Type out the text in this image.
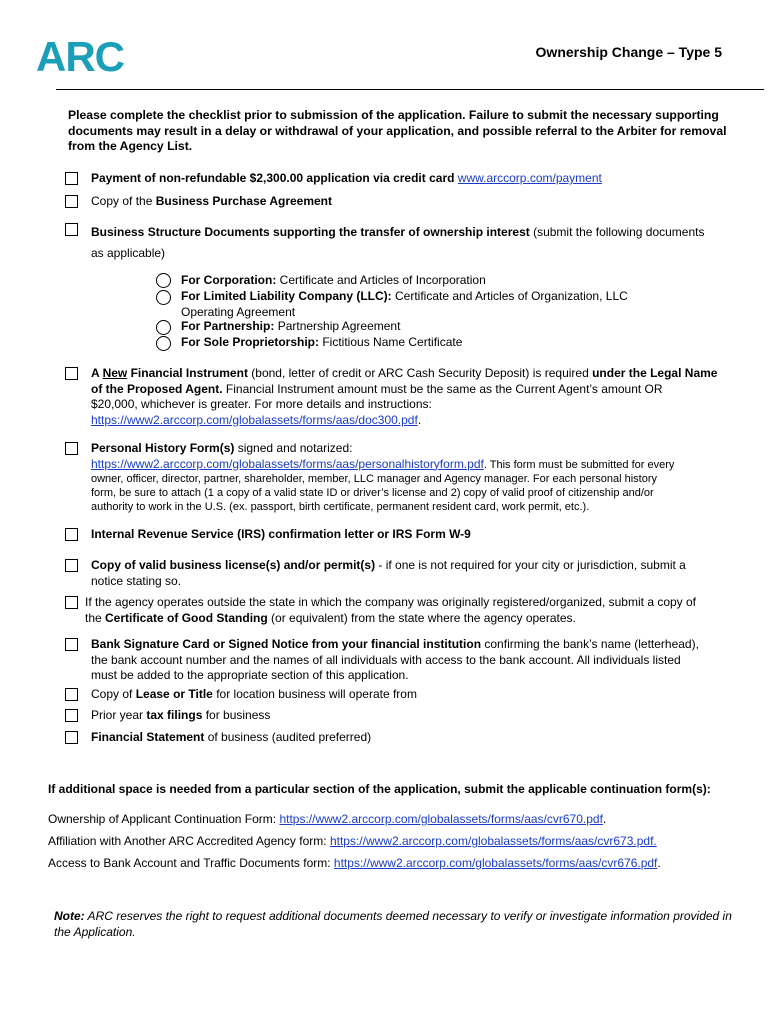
ARC	Ownership Change – Type 5
Please complete the checklist prior to submission of the application. Failure to submit the necessary supporting documents may result in a delay or withdrawal of your application, and possible referral to the Arbiter for removal from the Agency List.
Payment of non-refundable $2,300.00 application via credit card www.arccorp.com/payment
Copy of the Business Purchase Agreement
Business Structure Documents supporting the transfer of ownership interest (submit the following documents
as applicable)
For Corporation: Certificate and Articles of Incorporation
For Limited Liability Company (LLC): Certificate and Articles of Organization, LLC
Operating Agreement
For Partnership: Partnership Agreement
For Sole Proprietorship: Fictitious Name Certificate
A New Financial Instrument (bond, letter of credit or ARC Cash Security Deposit) is required under the Legal Name
of the Proposed Agent. Financial Instrument amount must be the same as the Current Agent’s amount OR
$20,000, whichever is greater. For more details and instructions:
https://www2.arccorp.com/globalassets/forms/aas/doc300.pdf.
Personal History Form(s) signed and notarized:
https://www2.arccorp.com/globalassets/forms/aas/personalhistoryform.pdf. This form must be submitted for every
owner, officer, director, partner, shareholder, member, LLC manager and Agency manager. For each personal history
form, be sure to attach (1 a copy of a valid state ID or driver’s license and 2) copy of valid proof of citizenship and/or
authority to work in the U.S. (ex. passport, birth certificate, permanent resident card, work permit, etc.).
Internal Revenue Service (IRS) confirmation letter or IRS Form W-9
Copy of valid business license(s) and/or permit(s) - if one is not required for your city or jurisdiction, submit a
notice stating so.
If the agency operates outside the state in which the company was originally registered/organized, submit a copy of
the Certificate of Good Standing (or equivalent) from the state where the agency operates.
Bank Signature Card or Signed Notice from your financial institution confirming the bank’s name (letterhead),
the bank account number and the names of all individuals with access to the bank account. All individuals listed
must be added to the appropriate section of this application.
Copy of Lease or Title for location business will operate from
Prior year tax filings for business
Financial Statement of business (audited preferred)
If additional space is needed from a particular section of the application, submit the applicable continuation form(s):
Ownership of Applicant Continuation Form: https://www2.arccorp.com/globalassets/forms/aas/cvr670.pdf.
Affiliation with Another ARC Accredited Agency form: https://www2.arccorp.com/globalassets/forms/aas/cvr673.pdf.
Access to Bank Account and Traffic Documents form: https://www2.arccorp.com/globalassets/forms/aas/cvr676.pdf.
Note: ARC reserves the right to request additional documents deemed necessary to verify or investigate information provided in the Application.
